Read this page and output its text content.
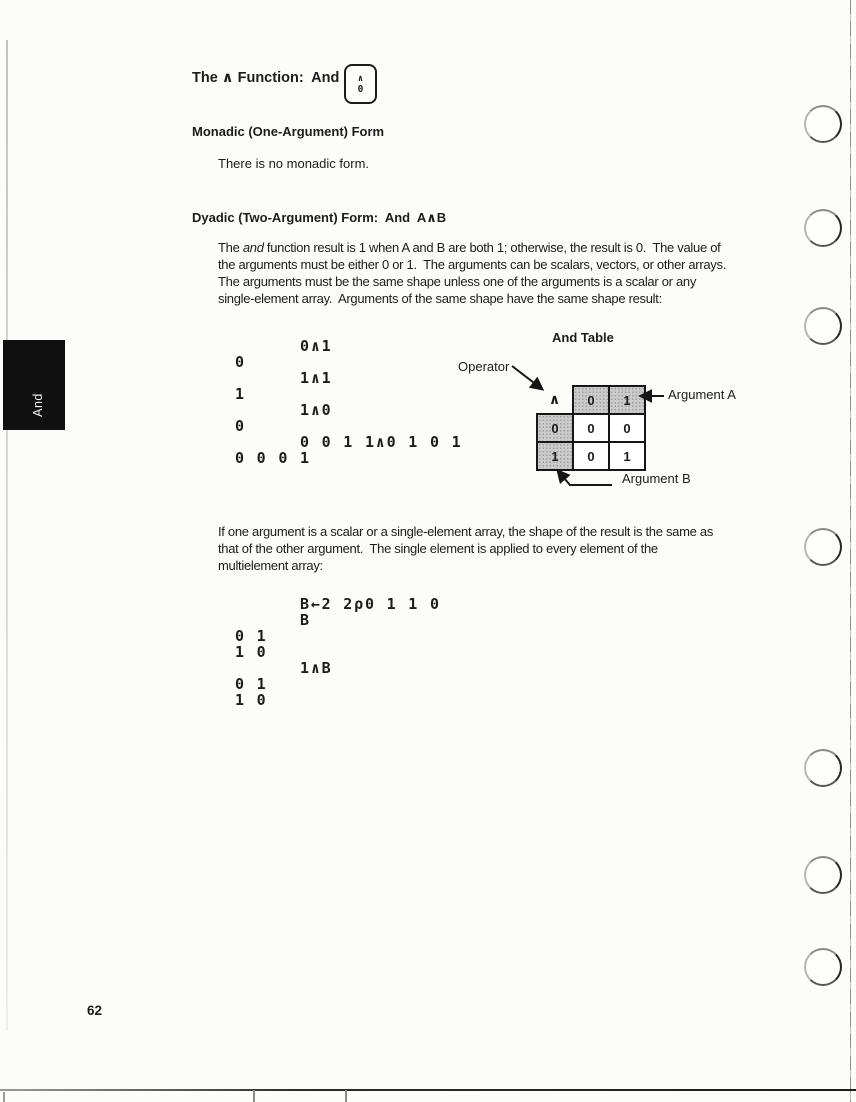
And
The ∧ Function:  And ∧
0
Monadic (One-Argument) Form
There is no monadic form.
Dyadic (Two-Argument) Form:  And  A∧B

The and function result is 1 when A and B are both 1; otherwise, the result is 0.  The value of the arguments must be either 0 or 1.  The arguments can be scalars, vectors, or other arrays.  The arguments must be the same shape unless one of the arguments is a scalar or any single-element array.  Arguments of the same shape have the same shape result:

0∧1
0
1∧1
1
1∧0
0
0 0 1 1∧0 1 0 1
0 0 0 1
And Table
Operator
Argument A
Argument B
∧	0	1
0	0	0
1	0	1

If one argument is a scalar or a single-element array, the shape of the result is the same as that of the other argument.  The single element is applied to every element of the multielement array:

B←2 2ρ0 1 1 0
B
0 1
1 0
1∧B
0 1
1 0
62
